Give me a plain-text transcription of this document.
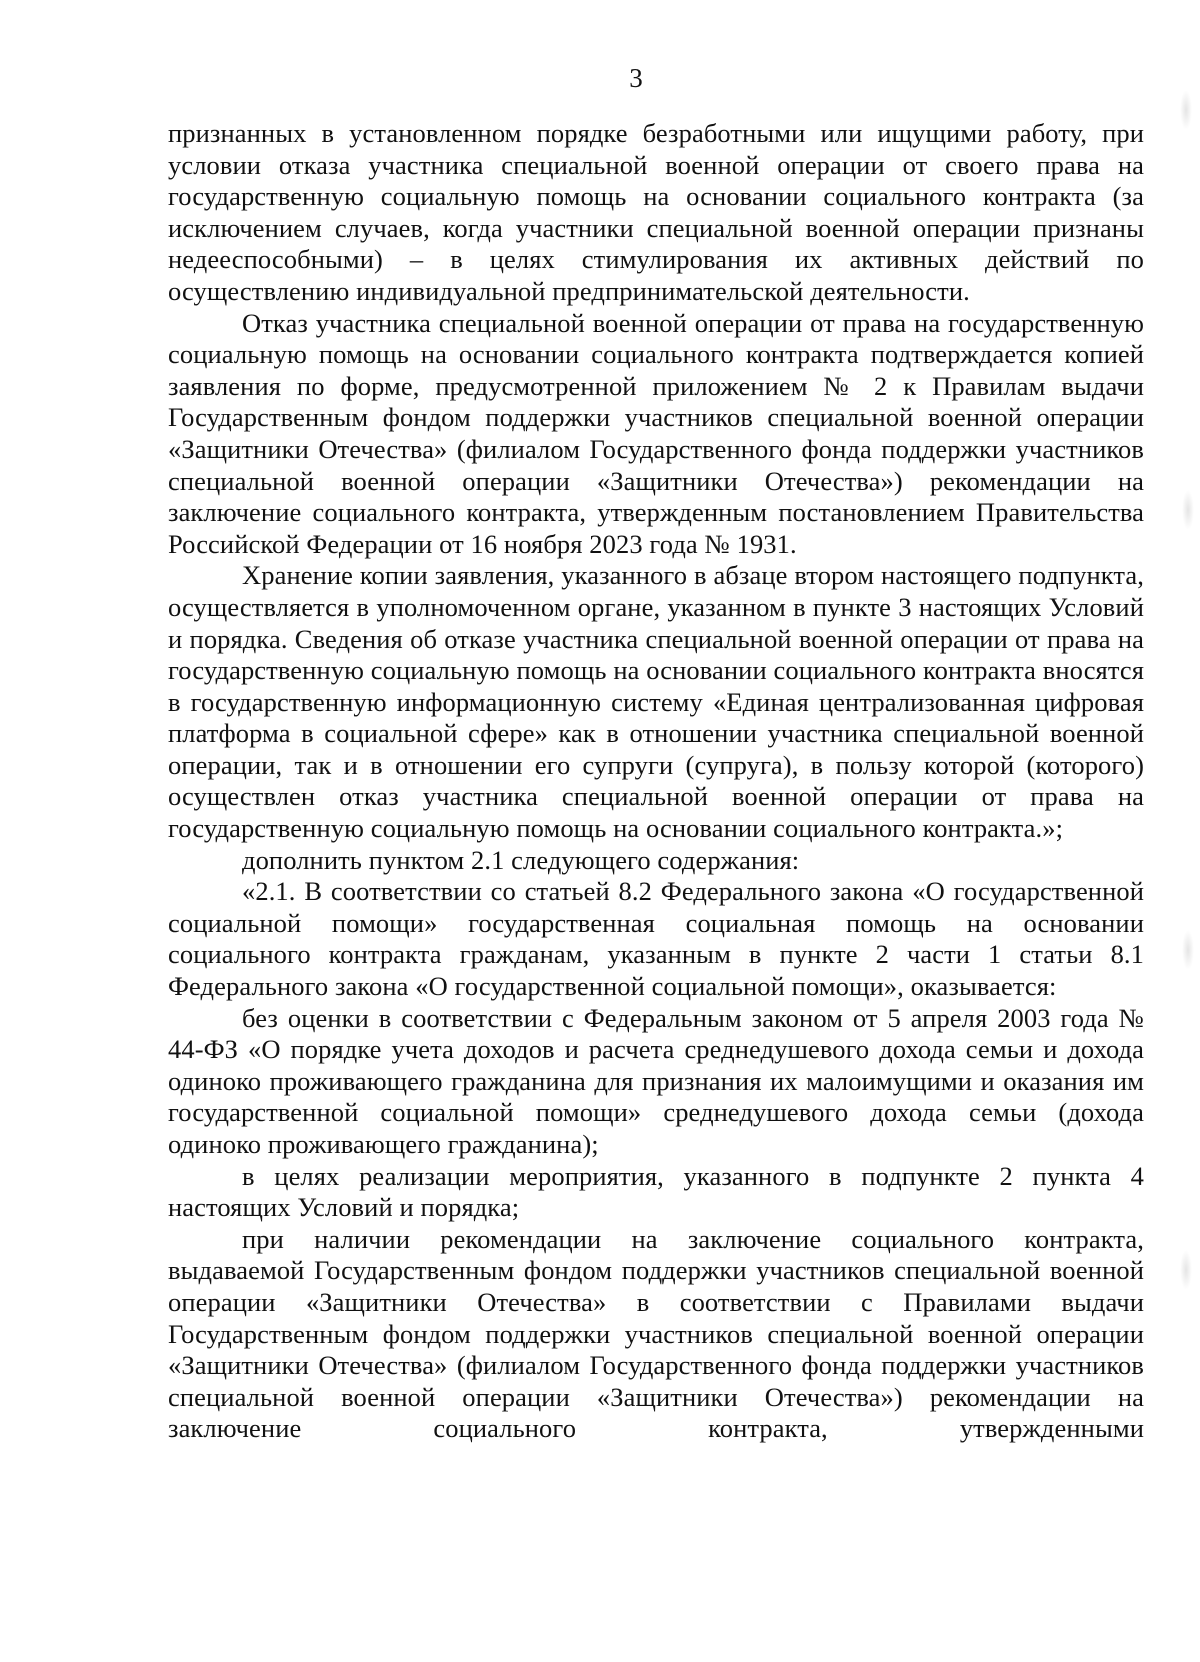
3

признанных в установленном порядке безработными или ищущими работу, при условии отказа участника специальной военной операции от своего права на государственную социальную помощь на основании социального контракта (за исключением случаев, когда участники специальной военной операции признаны недееспособными) – в целях стимулирования их активных действий по осуществлению индивидуальной предпринимательской деятельности.

Отказ участника специальной военной операции от права на государственную социальную помощь на основании социального контракта подтверждается копией заявления по форме, предусмотренной приложением № 2 к Правилам выдачи Государственным фондом поддержки участников специальной военной операции «Защитники Отечества» (филиалом Государственного фонда поддержки участников специальной военной операции «Защитники Отечества») рекомендации на заключение социального контракта, утвержденным постановлением Правительства Российской Федерации от 16 ноября 2023 года № 1931.

Хранение копии заявления, указанного в абзаце втором настоящего подпункта, осуществляется в уполномоченном органе, указанном в пункте 3 настоящих Условий и порядка. Сведения об отказе участника специальной военной операции от права на государственную социальную помощь на основании социального контракта вносятся в государственную информационную систему «Единая централизованная цифровая платформа в социальной сфере» как в отношении участника специальной военной операции, так и в отношении его супруги (супруга), в пользу которой (которого) осуществлен отказ участника специальной военной операции от права на государственную социальную помощь на основании социального контракта.»;

дополнить пунктом 2.1 следующего содержания:

«2.1. В соответствии со статьей 8.2 Федерального закона «О государственной социальной помощи» государственная социальная помощь на основании социального контракта гражданам, указанным в пункте 2 части 1 статьи 8.1 Федерального закона «О государственной социальной помощи», оказывается:

без оценки в соответствии с Федеральным законом от 5 апреля 2003 года № 44-ФЗ «О порядке учета доходов и расчета среднедушевого дохода семьи и дохода одиноко проживающего гражданина для признания их малоимущими и оказания им государственной социальной помощи» среднедушевого дохода семьи (дохода одиноко проживающего гражданина);

в целях реализации мероприятия, указанного в подпункте 2 пункта 4 настоящих Условий и порядка;

при наличии рекомендации на заключение социального контракта, выдаваемой Государственным фондом поддержки участников специальной военной операции «Защитники Отечества» в соответствии с Правилами выдачи Государственным фондом поддержки участников специальной военной операции «Защитники Отечества» (филиалом Государственного фонда поддержки участников специальной военной операции «Защитники Отечества») рекомендации на заключение социального контракта, утвержденными
